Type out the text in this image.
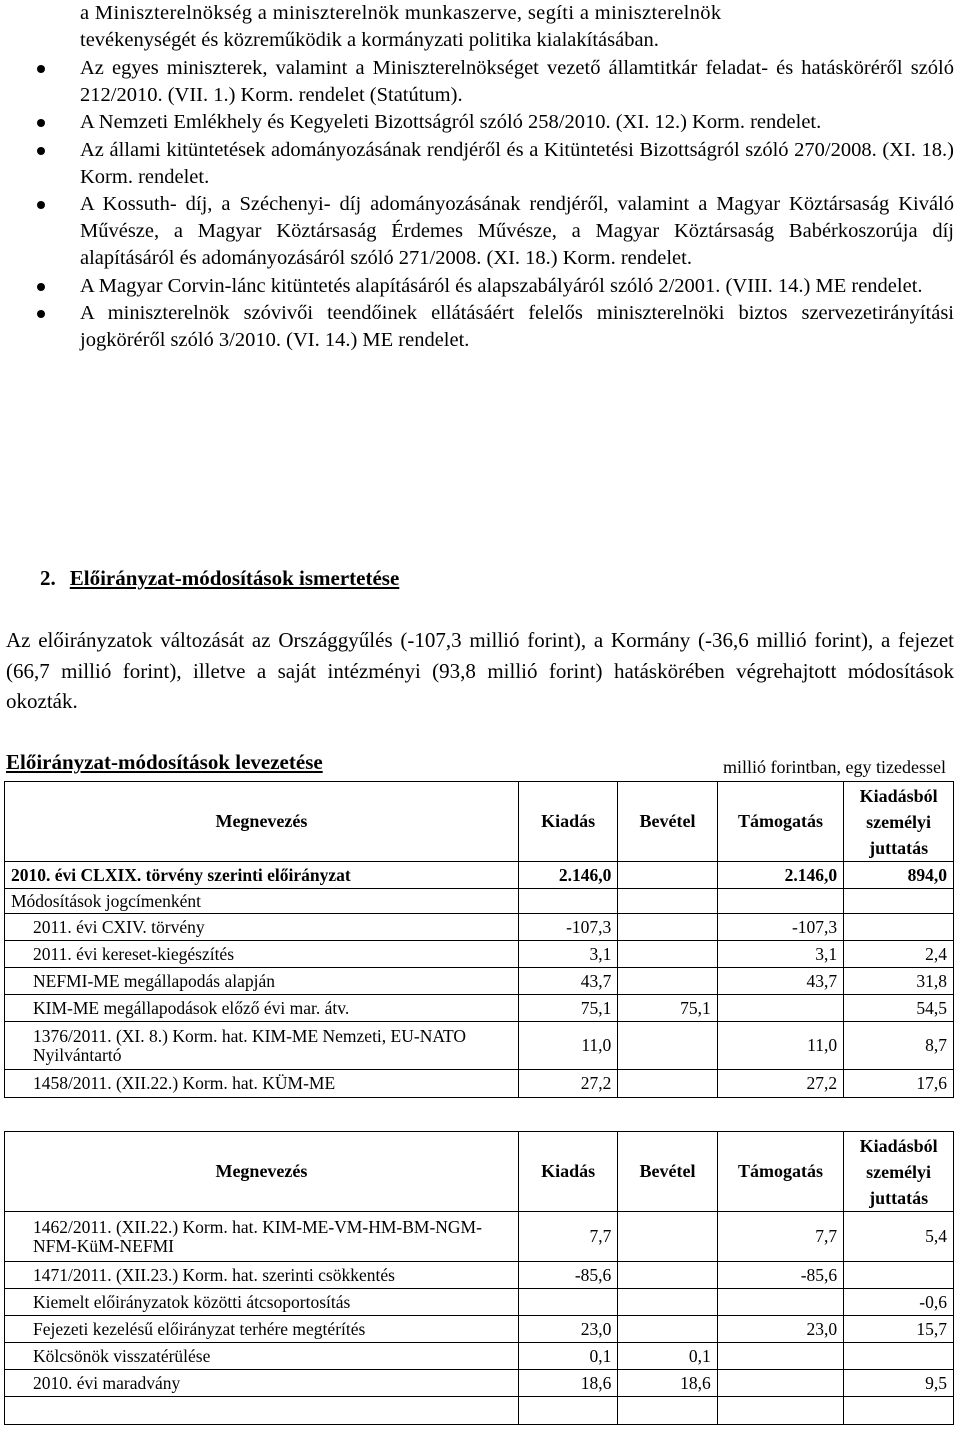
a Miniszterelnökség a miniszterelnök munkaszerve, segíti a miniszterelnök
tevékenységét és közreműködik a kormányzati politika kialakításában.
Az egyes miniszterek, valamint a Miniszterelnökséget vezető államtitkár feladat- és hatásköréről szóló 212/2010. (VII. 1.) Korm. rendelet (Statútum).
A Nemzeti Emlékhely és Kegyeleti Bizottságról szóló 258/2010. (XI. 12.) Korm. rendelet.
Az állami kitüntetések adományozásának rendjéről és a Kitüntetési Bizottságról szóló 270/2008. (XI. 18.) Korm. rendelet.
A Kossuth- díj, a Széchenyi- díj adományozásának rendjéről, valamint a Magyar Köztársaság Kiváló Művésze, a Magyar Köztársaság Érdemes Művésze, a Magyar Köztársaság Babérkoszorúja díj alapításáról és adományozásáról szóló 271/2008. (XI. 18.) Korm. rendelet.
A Magyar Corvin-lánc kitüntetés alapításáról és alapszabályáról szóló 2/2001. (VIII. 14.) ME rendelet.
A miniszterelnök szóvivői teendőinek ellátásáért felelős miniszterelnöki biztos szervezetirányítási jogköréről szóló 3/2010. (VI. 14.) ME rendelet.
2. Előirányzat-módosítások ismertetése
Az előirányzatok változását az Országgyűlés (-107,3 millió forint), a Kormány (-36,6 millió forint), a fejezet (66,7 millió forint), illetve a saját intézményi (93,8 millió forint) hatáskörében végrehajtott módosítások okozták.
Előirányzat-módosítások levezetése	millió forintban, egy tizedessel
Megnevezés	Kiadás	Bevétel	Támogatás	Kiadásból
személyi
juttatás
2010. évi CLXIX. törvény szerinti előirányzat	2.146,0		2.146,0	894,0
Módosítások jogcímenként				
2011. évi CXIV. törvény	-107,3		-107,3	
2011. évi kereset-kiegészítés	3,1		3,1	2,4
NEFMI-ME megállapodás alapján	43,7		43,7	31,8
KIM-ME megállapodások előző évi mar. átv.	75,1	75,1		54,5
1376/2011. (XI. 8.) Korm. hat. KIM-ME Nemzeti, EU-NATO Nyilvántartó	11,0		11,0	8,7
1458/2011. (XII.22.) Korm. hat. KÜM-ME	27,2		27,2	17,6
Megnevezés	Kiadás	Bevétel	Támogatás	Kiadásból
személyi
juttatás
1462/2011. (XII.22.) Korm. hat. KIM-ME-VM-HM-BM-NGM-NFM-KüM-NEFMI	7,7		7,7	5,4
1471/2011. (XII.23.) Korm. hat. szerinti csökkentés	-85,6		-85,6	
Kiemelt előirányzatok közötti átcsoportosítás				-0,6
Fejezeti kezelésű előirányzat terhére megtérítés	23,0		23,0	15,7
Kölcsönök visszatérülése	0,1	0,1		
2010. évi maradvány	18,6	18,6		9,5
